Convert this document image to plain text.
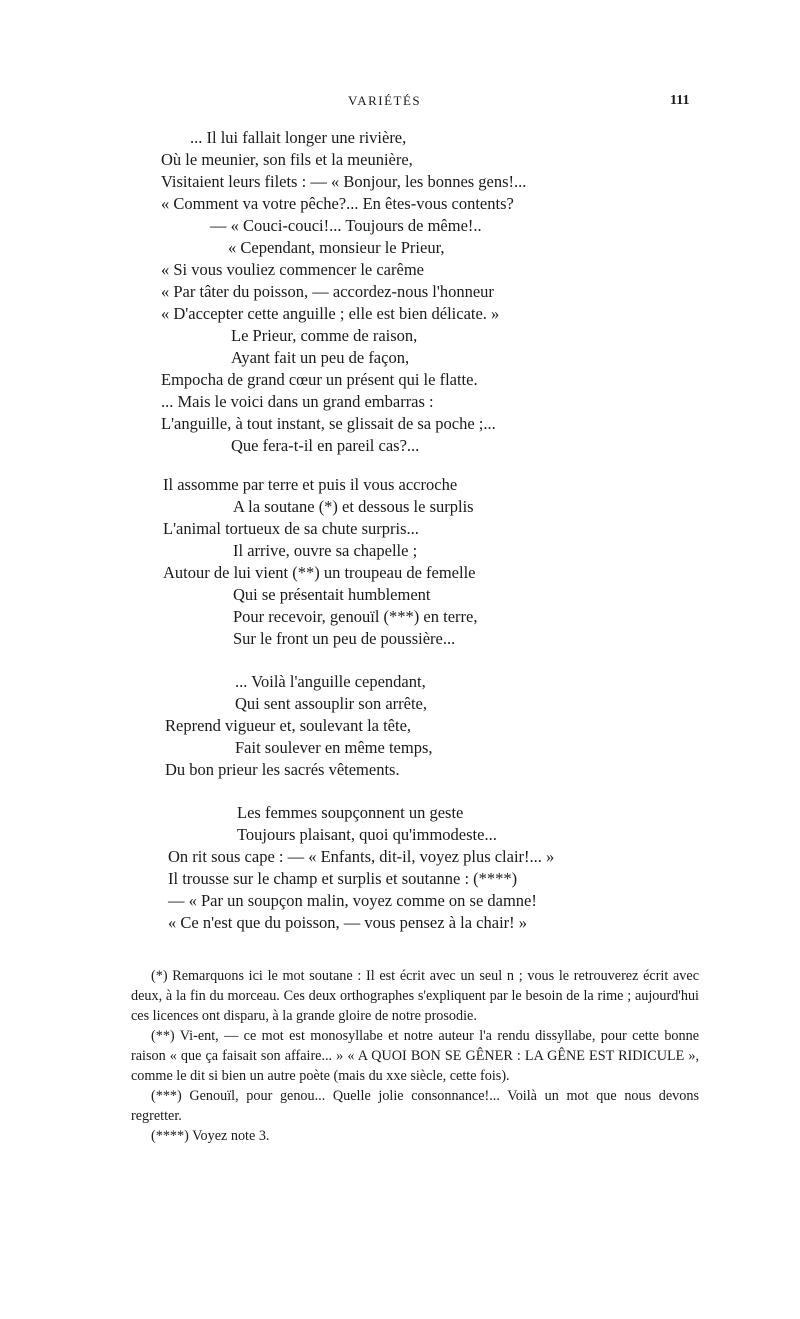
VARIÉTÉS	111
... Il lui fallait longer une rivière,
Où le meunier, son fils et la meunière,
Visitaient leurs filets : — « Bonjour, les bonnes gens!...
« Comment va votre pêche?... En êtes-vous contents?
— « Couci-couci!... Toujours de même!..
« Cependant, monsieur le Prieur,
« Si vous vouliez commencer le carême
« Par tâter du poisson, — accordez-nous l'honneur
« D'accepter cette anguille ; elle est bien délicate. »
Le Prieur, comme de raison,
Ayant fait un peu de façon,
Empocha de grand cœur un présent qui le flatte.
... Mais le voici dans un grand embarras :
L'anguille, à tout instant, se glissait de sa poche ;...
Que fera-t-il en pareil cas?...
Il assomme par terre et puis il vous accroche
A la soutane (*) et dessous le surplis
L'animal tortueux de sa chute surpris...
Il arrive, ouvre sa chapelle ;
Autour de lui vient (**) un troupeau de femelle
Qui se présentait humblement
Pour recevoir, genouïl (***) en terre,
Sur le front un peu de poussière...
... Voilà l'anguille cependant,
Qui sent assouplir son arrête,
Reprend vigueur et, soulevant la tête,
Fait soulever en même temps,
Du bon prieur les sacrés vêtements.
Les femmes soupçonnent un geste
Toujours plaisant, quoi qu'immodeste...
On rit sous cape : — « Enfants, dit-il, voyez plus clair!... »
Il trousse sur le champ et surplis et soutanne : (****)
— « Par un soupçon malin, voyez comme on se damne!
« Ce n'est que du poisson, — vous pensez à la chair! »

(*) Remarquons ici le mot soutane : Il est écrit avec un seul n ; vous le retrouverez écrit avec deux, à la fin du morceau. Ces deux orthographes s'expliquent par le besoin de la rime ; aujourd'hui ces licences ont disparu, à la grande gloire de notre prosodie.

(**) Vi-ent, — ce mot est monosyllabe et notre auteur l'a rendu dissyllabe, pour cette bonne raison « que ça faisait son affaire... » « A QUOI BON SE GÊNER : LA GÊNE EST RIDICULE », comme le dit si bien un autre poète (mais du xxe siècle, cette fois).

(***) Genouïl, pour genou... Quelle jolie consonnance!... Voilà un mot que nous devons regretter.

(****) Voyez note 3.
